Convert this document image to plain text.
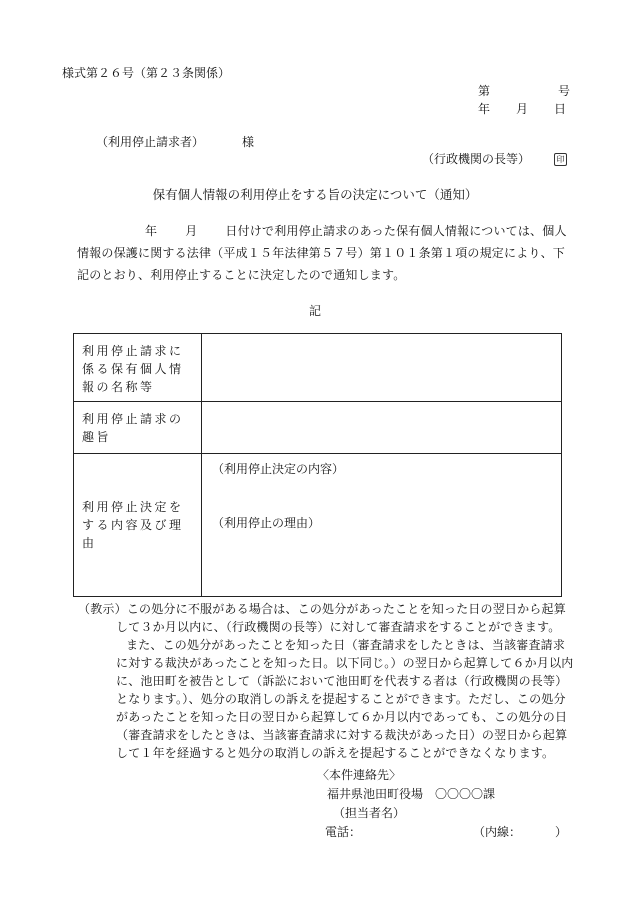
様式第２６号（第２３条関係）
第	号
年 月 日
（利用停止請求者）	様
（行政機関の長等）	印
保有個人情報の利用停止をする旨の決定について（通知）
年 月 日付けで利用停止請求のあった保有個人情報については、個人情報の保護に関する法律（平成１５年法律第５７号）第１０１条第１項の規定により、下記のとおり、利用停止することに決定したので通知します。
記
利用停止請求に係る保有個人情報の名称等	
利用停止請求の趣旨	
利用停止決定をする内容及び理由	（利用停止決定の内容）
（利用停止の理由）
（教示）この処分に不服がある場合は、この処分があったことを知った日の翌日から起算
して３か月以内に、（行政機関の長等）に対して審査請求をすることができます。
また、この処分があったことを知った日（審査請求をしたときは、当該審査請求に対する裁決があったことを知った日。以下同じ。）の翌日から起算して６か月以内に、池田町を被告として（訴訟において池田町を代表する者は（行政機関の長等）となります。）、処分の取消しの訴えを提起することができます。ただし、この処分があったことを知った日の翌日から起算して６か月以内であっても、この処分の日（審査請求をしたときは、当該審査請求に対する裁決があった日）の翌日から起算して１年を経過すると処分の取消しの訴えを提起することができなくなります。
〈本件連絡先〉
福井県池田町役場　〇〇〇〇課
（担当者名）
電話：	（内線：	）
